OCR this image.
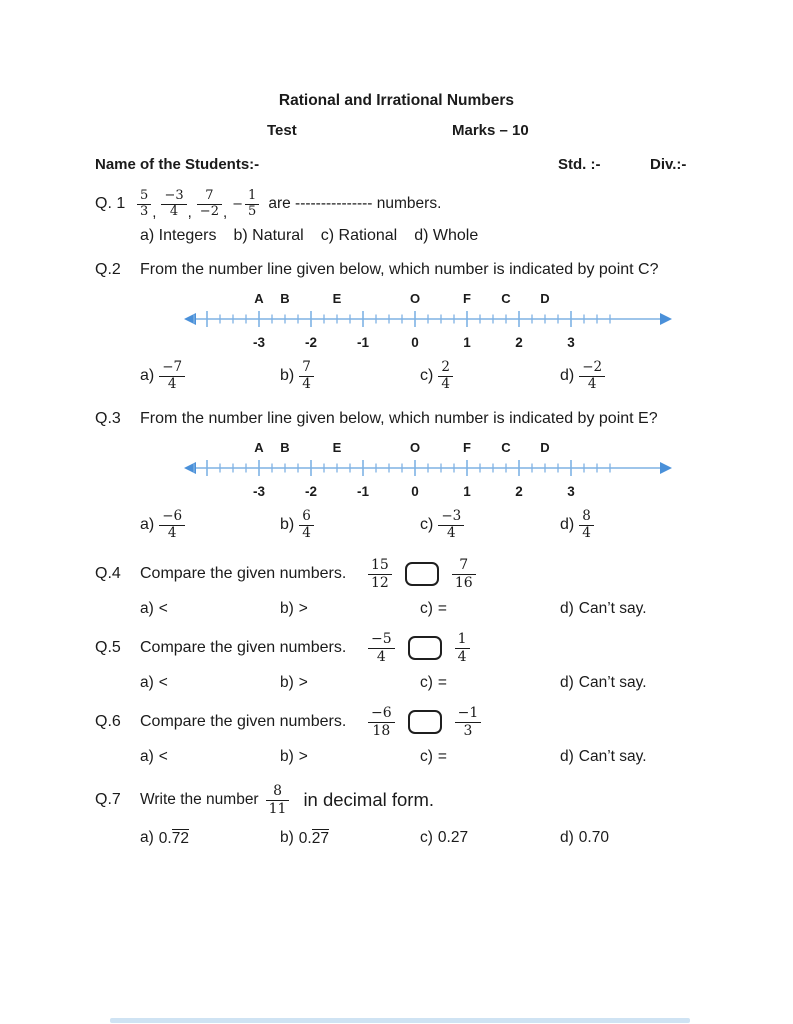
Rational and Irrational Numbers
Test	Marks – 10
Name of the Students:-	Std. :-	Div.:-
Q. $1 \frac{5}{3}$ , $\frac{-3}{4}$ , $\frac{7}{-2}$ , − $\frac{1}{5}$ are --------------- numbers.
a) Integers b) Natural c) Rational d) Whole
Q.2	From the number line given below, which number is indicated by point C?
A B	E	O	F C D
-3	-2	-1	0	1	2	3
$a) \frac{-7}{4}$	$b) \frac{7}{4}$	$c) \frac{2}{4}$	$d) \frac{-2}{4}$
Q.3	From the number line given below, which number is indicated by point E?
A B	E	O	F C D
-3	-2	-1	0	1	2	3
$a) \frac{-6}{4}$	$b) \frac{6}{4}$	$c) \frac{-3}{4}$	$d) \frac{8}{4}$
Q.4	Compare the given numbers.	$\frac{15}{12}$	$\frac{7}{16}$
a) <	b) >	c) =	d) Can’t say.
Q.5	Compare the given numbers.	$\frac{-5}{4}$	$\frac{1}{4}$
a) <	b) >	c) =	d) Can’t say.
Q.6	Compare the given numbers.	$\frac{-6}{18}$	$\frac{-1}{3}$
a) <	b) >	c) =	d) Can’t say.
Q.7	Write the number $\frac{8}{11}$ in decimal form.
a) 0.72	b) 0.27	c) 0.27	d) 0.70
